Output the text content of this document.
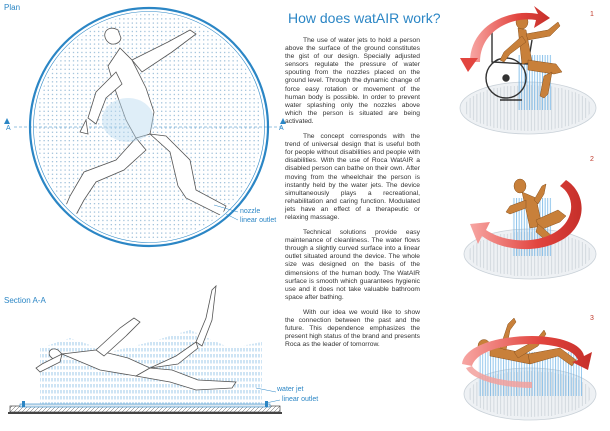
Plan
A	A
nozzle
linear outlet
Section A-A
water jet
linear outlet
How does watAIR work?

The use of water jets to hold a person above the surface of the ground constitutes the gist of our design. Specially adjusted sensors regulate the pressure of water spouting from the nozzles placed on the ground level. Through the dynamic change of force easy rotation or movement of the human body is possible. In order to prevent water splashing only the nozzles above which the person is situated are being activated.

The concept corresponds with the trend of universal design that is useful both for people without disabilities and people with disabilities. With the use of Roca WatAIR a disabled person can bathe on their own. After moving from the wheelchair the person is instantly held by the water jets. The device simultaneously plays a recreational, rehabilitation and caring function. Modulated jets have an effect of a therapeutic or relaxing massage.

Technical solutions provide easy maintenance of cleanliness. The water flows through a slightly curved surface into a linear outlet situated around the device. The whole size was designed on the basis of the dimensions of the human body. The WatAIR surface is smooth which guarantees hygienic use and it does not take valuable bathroom space after bathing.

With our idea we would like to show the connection between the past and the future. This dependence emphasizes the present high status of the brand and presents Roca as the leader of tomorrow.

1
2
3
